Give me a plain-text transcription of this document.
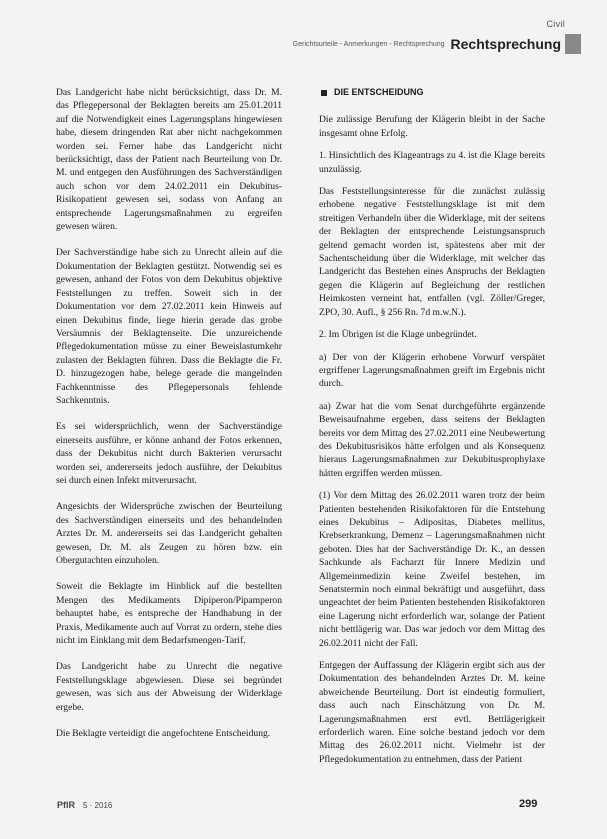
Civil
Gerichtsurteile - Anmerkungen - Rechtsprechung Rechtsprechung

Das Landgericht habe nicht berücksichtigt, dass Dr. M. das Pflegepersonal der Beklagten bereits am 25.01.2011 auf die Notwendigkeit eines Lagerungsplans hingewiesen habe, diesem dringenden Rat aber nicht nachgekommen worden sei. Ferner habe das Landgericht nicht berücksichtigt, dass der Patient nach Beurteilung von Dr. M. und entgegen den Ausführungen des Sachverständigen auch schon vor dem 24.02.2011 ein Dekubitus-Risikopatient gewesen sei, sodass von Anfang an entsprechende Lagerungsmaßnahmen zu ergreifen gewesen wären.

Der Sachverständige habe sich zu Unrecht allein auf die Dokumentation der Beklagten gestützt. Notwendig sei es gewesen, anhand der Fotos von dem Dekubitus objektive Feststellungen zu treffen. Soweit sich in der Dokumentation vor dem 27.02.2011 kein Hinweis auf einen Dekubitus finde, liege hierin gerade das grobe Versäumnis der Beklagtenseite. Die unzureichende Pflegedokumentation müsse zu einer Beweislastumkehr zulasten der Beklagten führen. Dass die Beklagte die Fr. D. hinzugezogen habe, belege gerade die mangelnden Fachkenntnisse des Pflegepersonals fehlende Sachkenntnis.

Es sei widersprüchlich, wenn der Sachverständige einerseits ausführe, er könne anhand der Fotos erkennen, dass der Dekubitus nicht durch Bakterien verursacht worden sei, andererseits jedoch ausführe, der Dekubitus sei durch einen Infekt mitverursacht.

Angesichts der Widersprüche zwischen der Beurteilung des Sachverständigen einerseits und des behandelnden Arztes Dr. M. andererseits sei das Landgericht gehalten gewesen, Dr. M. als Zeugen zu hören bzw. ein Obergutachten einzuholen.

Soweit die Beklagte im Hinblick auf die bestellten Mengen des Medikaments Dipiperon/Pipamperon behauptet habe, es entspreche der Handhabung in der Praxis, Medikamente auch auf Vorrat zu ordern, stehe dies nicht im Einklang mit dem Bedarfsmengen-Tarif.

Das Landgericht habe zu Unrecht die negative Feststellungsklage abgewiesen. Diese sei begründet gewesen, was sich aus der Abweisung der Widerklage ergebe.

Die Beklagte verteidigt die angefochtene Entscheidung.

DIE ENTSCHEIDUNG

Die zulässige Berufung der Klägerin bleibt in der Sache insgesamt ohne Erfolg.

1. Hinsichtlich des Klageantrags zu 4. ist die Klage bereits unzulässig.

Das Feststellungsinteresse für die zunächst zulässig erhobene negative Feststellungsklage ist mit dem streitigen Verhandeln über die Widerklage, mit der seitens der Beklagten der entsprechende Leistungsanspruch geltend gemacht worden ist, spätestens aber mit der Sachentscheidung über die Widerklage, mit welcher das Landgericht das Bestehen eines Anspruchs der Beklagten gegen die Klägerin auf Begleichung der restlichen Heimkosten verneint hat, entfallen (vgl. Zöller/Greger, ZPO, 30. Aufl., § 256 Rn. 7d m.w.N.).

2. Im Übrigen ist die Klage unbegründet.

a) Der von der Klägerin erhobene Vorwurf verspätet ergriffener Lagerungsmaßnahmen greift im Ergebnis nicht durch.

aa) Zwar hat die vom Senat durchgeführte ergänzende Beweisaufnahme ergeben, dass seitens der Beklagten bereits vor dem Mittag des 27.02.2011 eine Neubewertung des Dekubitusrisikos hätte erfolgen und als Konsequenz hieraus Lagerungsmaßnahmen zur Dekubitusprophylaxe hätten ergriffen werden müssen.

(1) Vor dem Mittag des 26.02.2011 waren trotz der beim Patienten bestehenden Risikofaktoren für die Entstehung eines Dekubitus – Adipositas, Diabetes mellitus, Krebserkrankung, Demenz – Lagerungsmaßnahmen nicht geboten. Dies hat der Sachverständige Dr. K., an dessen Sachkunde als Facharzt für Innere Medizin und Allgemeinmedizin keine Zweifel bestehen, im Senatstermin noch einmal bekräftigt und ausgeführt, dass ungeachtet der beim Patienten bestehenden Risikofaktoren eine Lagerung nicht erforderlich war, solange der Patient nicht bettlägerig war. Das war jedoch vor dem Mittag des 26.02.2011 nicht der Fall.

Entgegen der Auffassung der Klägerin ergibt sich aus der Dokumentation des behandelnden Arztes Dr. M. keine abweichende Beurteilung. Dort ist eindeutig formuliert, dass auch nach Einschätzung von Dr. M. Lagerungsmaßnahmen erst evtl. Bettlägerigkeit erforderlich waren. Eine solche bestand jedoch vor dem Mittag des 26.02.2011 nicht. Vielmehr ist der Pflegedokumentation zu entnehmen, dass der Patient

PflR 5 · 2016	299
